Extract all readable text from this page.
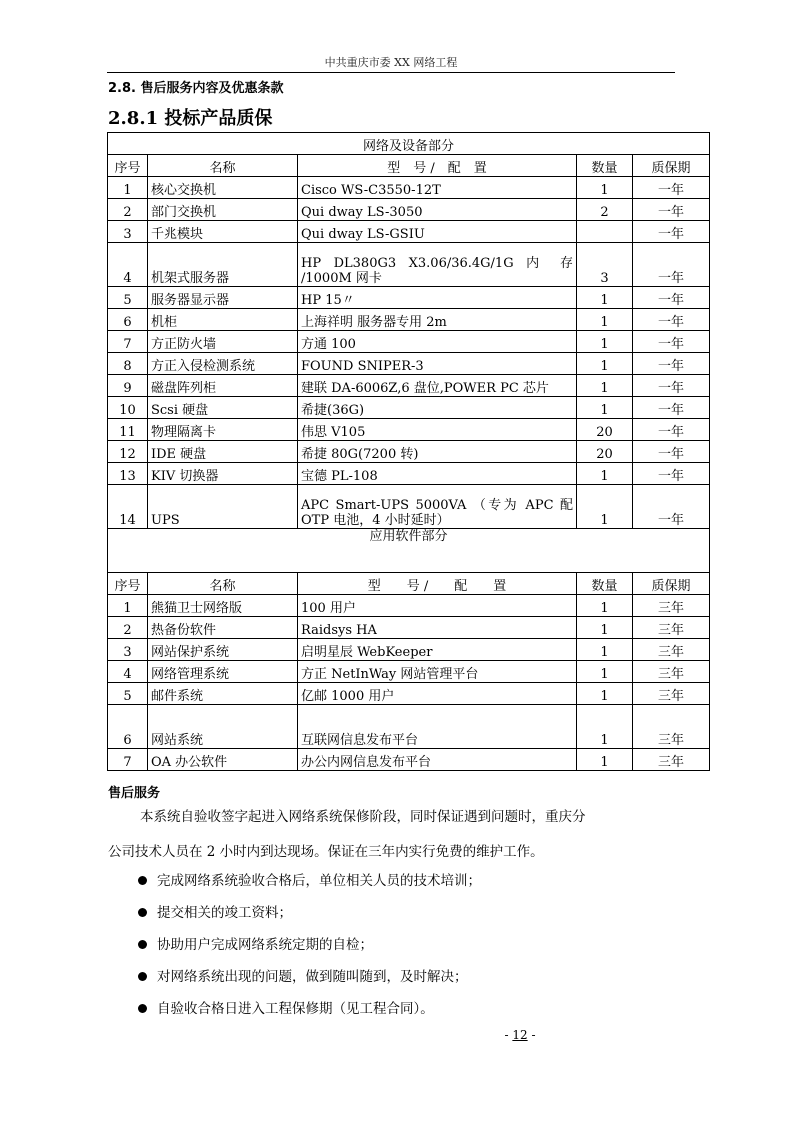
中共重庆市委 XX 网络工程
2.8. 售后服务内容及优惠条款
2.8.1 投标产品质保
网络及设备部分				
序号	名称	型　号 /　配　置	数量	质保期
1	核心交换机	Cisco WS-C3550-12T	1	一年
2	部门交换机	Qui dway LS-3050	2	一年
3	千兆模块	Qui dway LS-GSIU		一年
4	机架式服务器	HP DL380G3 X3.06/36.4G/1G 内 存 /1000M 网卡	3	一年
5	服务器显示器	HP 15〃	1	一年
6	机柜	上海祥明 服务器专用 2m	1	一年
7	方正防火墙	方通 100	1	一年
8	方正入侵检测系统	FOUND SNIPER-3	1	一年
9	磁盘阵列柜	建联 DA-6006Z,6 盘位,POWER PC 芯片	1	一年
10	Scsi 硬盘	希捷(36G)	1	一年
11	物理隔离卡	伟思 V105	20	一年
12	IDE 硬盘	希捷 80G(7200 转)	20	一年
13	KIV 切换器	宝德 PL-108	1	一年
14	UPS	APC Smart-UPS 5000VA （专为 APC 配 OTP 电池，4 小时延时）	1	一年
应用软件部分				
序号	名称	型　　号 /　　配　　置	数量	质保期
1	熊猫卫士网络版	100 用户	1	三年
2	热备份软件	Raidsys HA	1	三年
3	网站保护系统	启明星辰 WebKeeper	1	三年
4	网络管理系统	方正 NetInWay 网站管理平台	1	三年
5	邮件系统	亿邮 1000 用户	1	三年
6	网站系统	互联网信息发布平台	1	三年
7	OA 办公软件	办公内网信息发布平台	1	三年
售后服务
本系统自验收签字起进入网络系统保修阶段，同时保证遇到问题时，重庆分
公司技术人员在 2 小时内到达现场。保证在三年内实行免费的维护工作。
完成网络系统验收合格后，单位相关人员的技术培训；
提交相关的竣工资料；
协助用户完成网络系统定期的自检；
对网络系统出现的问题，做到随叫随到，及时解决；
自验收合格日进入工程保修期（见工程合同）。
- 12 -
